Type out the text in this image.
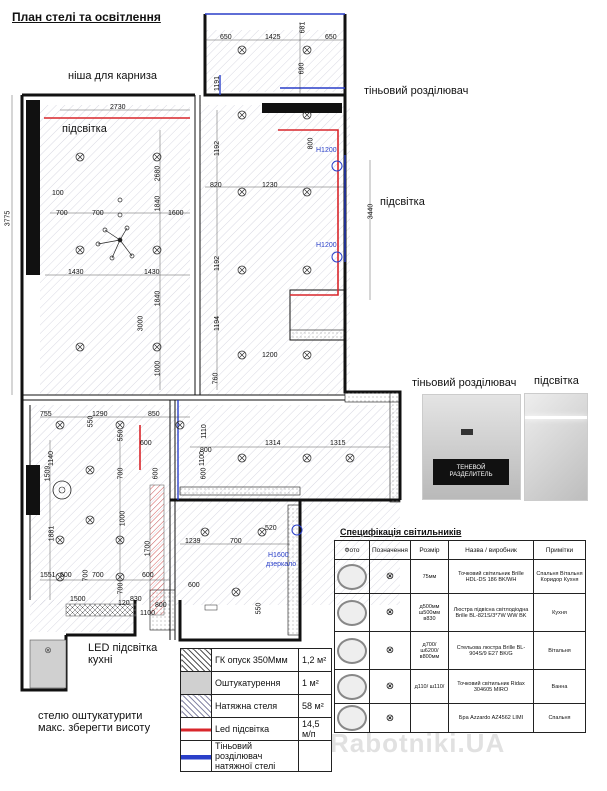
План стелі та освітлення
⊗
ніша для карниза
підсвітка
тіньовий розділювач
підсвітка
LED підсвітка
кухні
стелю оштукатурити
макс. зберегти висоту
H1200
H1200
H1600
дзеркало
650	1425
681
650
1191
690
2730
800
2680
820	1230
1192
1192
1194
760
1200
1840
1840
3000
1000
100
700	700	1600
1430	1430
3775	3440
755	1290	850
550
550
700
800
1314	1315
1110
1509
1140
1881
1000
1700
600
1239	700
520
600
600
550
700
700
1551 600	700	600
120	800
1100
600
1500	830
1100
тіньовий розділювач підсвітка
ТЕНЕВОЙ
РАЗДЕЛИТЕЛЬ
	ГК опуск 350Ммм	1,2 м²
	Оштукатурення	1 м²
	Натяжна стеля	58 м²
	Led підсвітка	14,5 м/п
	Тіньовий розділювач натяжної стелі	
Специфікація світильників
Фото	Позначення	Розмір	Назва / виробник	Примітки

	⊗	75мм	Точковий світильник Brille HDL-DS 186 BK/WH	Спальня Вітальня Коридор Кухня

	⊗	д500мм ш500мм в830	Люстра підвісна світлодіодна Brille BL-821S/3*7W WW BK	Кухня

	⊗	д700/ ш6200/ в800мм	Стельова люстра Brille BL-904S/9 E27 BK/G	Вітальня

	⊗	д110/ ш110/	Точковий світильник Ridax 304605 MIRO	Ванна

	⊗		Бра Azzardo AZ4562 LIMI	Спальня
Rabotniki.UA
